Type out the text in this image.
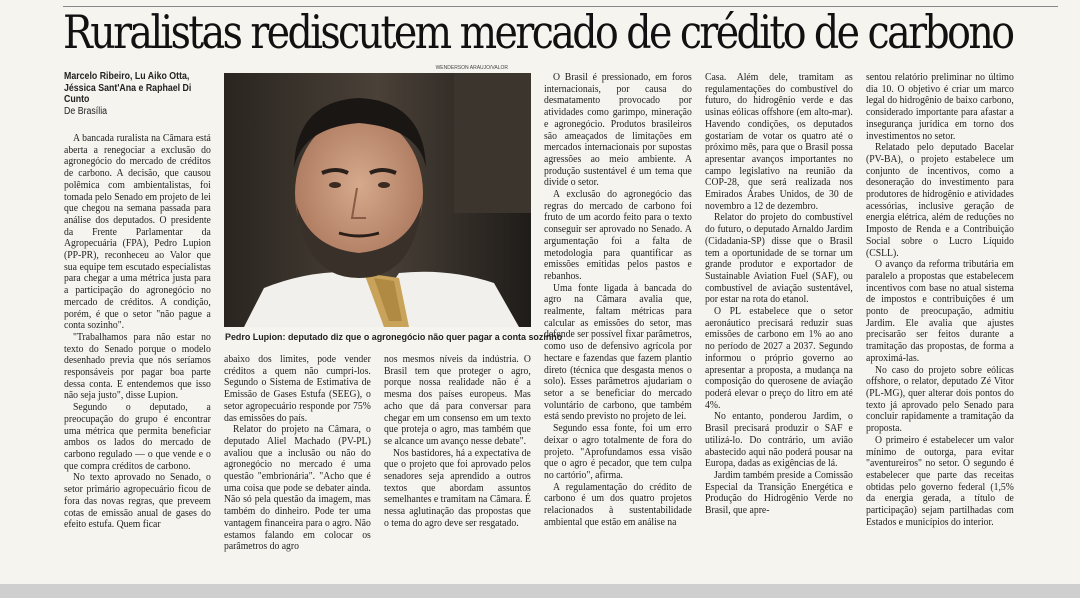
Ruralistas rediscutem mercado de crédito de carbono
Marcelo Ribeiro, Lu Aiko Otta, Jéssica Sant'Ana e Raphael Di Cunto
De Brasília
WENDERSON ARAUJO/VALOR
Pedro Lupion: deputado diz que o agronegócio não quer pagar a conta sozinho

A bancada ruralista na Câmara está aberta a renegociar a exclusão do agronegócio do mercado de créditos de carbono. A decisão, que causou polêmica com ambientalistas, foi tomada pelo Senado em projeto de lei que chegou na semana passada para análise dos deputados. O presidente da Frente Parlamentar da Agropecuária (FPA), Pedro Lupion (PP-PR), reconheceu ao Valor que sua equipe tem escutado especialistas para chegar a uma métrica justa para a participação do agronegócio no mercado de créditos. A condição, porém, é que o setor "não pague a conta sozinho".

"Trabalhamos para não estar no texto do Senado porque o modelo desenhado previa que nós seríamos responsáveis por pagar boa parte dessa conta. E entendemos que isso não seja justo", disse Lupion.

Segundo o deputado, a preocupação do grupo é encontrar uma métrica que permita beneficiar ambos os lados do mercado de carbono regulado — o que vende e o que compra créditos de carbono.

No texto aprovado no Senado, o setor primário agropecuário ficou de fora das novas regras, que preveem cotas de emissão anual de gases do efeito estufa. Quem ficar

abaixo dos limites, pode vender créditos a quem não cumpri-los. Segundo o Sistema de Estimativa de Emissão de Gases Estufa (SEEG), o setor agropecuário responde por 75% das emissões do país.

Relator do projeto na Câmara, o deputado Aliel Machado (PV-PL) avaliou que a inclusão ou não do agronegócio no mercado é uma questão "embrionária". "Acho que é uma coisa que pode se debater ainda. Não só pela questão da imagem, mas também do dinheiro. Pode ter uma vantagem financeira para o agro. Não estamos falando em colocar os parâmetros do agro

nos mesmos níveis da indústria. O Brasil tem que proteger o agro, porque nossa realidade não é a mesma dos países europeus. Mas acho que dá para conversar para chegar em um consenso em um texto que proteja o agro, mas também que se alcance um avanço nesse debate".

Nos bastidores, há a expectativa de que o projeto que foi aprovado pelos senadores seja aprendido a outros textos que abordam assuntos semelhantes e tramitam na Câmara. É nessa aglutinação das propostas que o tema do agro deve ser resgatado.

O Brasil é pressionado, em foros internacionais, por causa do desmatamento provocado por atividades como garimpo, mineração e agronegócio. Produtos brasileiros são ameaçados de limitações em mercados internacionais por supostas agressões ao meio ambiente. A produção sustentável é um tema que divide o setor.

A exclusão do agronegócio das regras do mercado de carbono foi fruto de um acordo feito para o texto conseguir ser aprovado no Senado. A argumentação foi a falta de metodologia para quantificar as emissões emitidas pelos pastos e rebanhos.

Uma fonte ligada à bancada do agro na Câmara avalia que, realmente, faltam métricas para calcular as emissões do setor, mas defende ser possível fixar parâmetros, como uso de defensivo agrícola por hectare e fazendas que fazem plantio direto (técnica que desgasta menos o solo). Esses parâmetros ajudariam o setor a se beneficiar do mercado voluntário de carbono, que também está sendo previsto no projeto de lei.

Segundo essa fonte, foi um erro deixar o agro totalmente de fora do projeto. "Aprofundamos essa visão que o agro é pecador, que tem culpa no cartório", afirma.

A regulamentação do crédito de carbono é um dos quatro projetos relacionados à sustentabilidade ambiental que estão em análise na

Casa. Além dele, tramitam as regulamentações do combustível do futuro, do hidrogênio verde e das usinas eólicas offshore (em alto-mar). Havendo condições, os deputados gostariam de votar os quatro até o próximo mês, para que o Brasil possa apresentar avanços importantes no campo legislativo na reunião da COP-28, que será realizada nos Emirados Árabes Unidos, de 30 de novembro a 12 de dezembro.

Relator do projeto do combustível do futuro, o deputado Arnaldo Jardim (Cidadania-SP) disse que o Brasil tem a oportunidade de se tornar um grande produtor e exportador de Sustainable Aviation Fuel (SAF), ou combustível de aviação sustentável, por estar na rota do etanol.

O PL estabelece que o setor aeronáutico precisará reduzir suas emissões de carbono em 1% ao ano no período de 2027 a 2037. Segundo informou o próprio governo ao apresentar a proposta, a mudança na composição do querosene de aviação poderá elevar o preço do litro em até 4%.

No entanto, ponderou Jardim, o Brasil precisará produzir o SAF e utilizá-lo. Do contrário, um avião abastecido aqui não poderá pousar na Europa, dadas as exigências de lá.

Jardim também preside a Comissão Especial da Transição Energética e Produção do Hidrogênio Verde no Brasil, que apre-

sentou relatório preliminar no último dia 10. O objetivo é criar um marco legal do hidrogênio de baixo carbono, considerado importante para afastar a insegurança jurídica em torno dos investimentos no setor.

Relatado pelo deputado Bacelar (PV-BA), o projeto estabelece um conjunto de incentivos, como a desoneração do investimento para produtores de hidrogênio e atividades acessórias, inclusive geração de energia elétrica, além de reduções no Imposto de Renda e a Contribuição Social sobre o Lucro Líquido (CSLL).

O avanço da reforma tributária em paralelo a propostas que estabelecem incentivos com base no atual sistema de impostos e contribuições é um ponto de preocupação, admitiu Jardim. Ele avalia que ajustes precisarão ser feitos durante a tramitação das propostas, de forma a aproximá-las.

No caso do projeto sobre eólicas offshore, o relator, deputado Zé Vitor (PL-MG), quer alterar dois pontos do texto já aprovado pelo Senado para concluir rapidamente a tramitação da proposta.

O primeiro é estabelecer um valor mínimo de outorga, para evitar "aventureiros" no setor. O segundo é estabelecer que parte das receitas obtidas pelo governo federal (1,5% da energia gerada, a título de participação) sejam partilhadas com Estados e municípios do interior.
